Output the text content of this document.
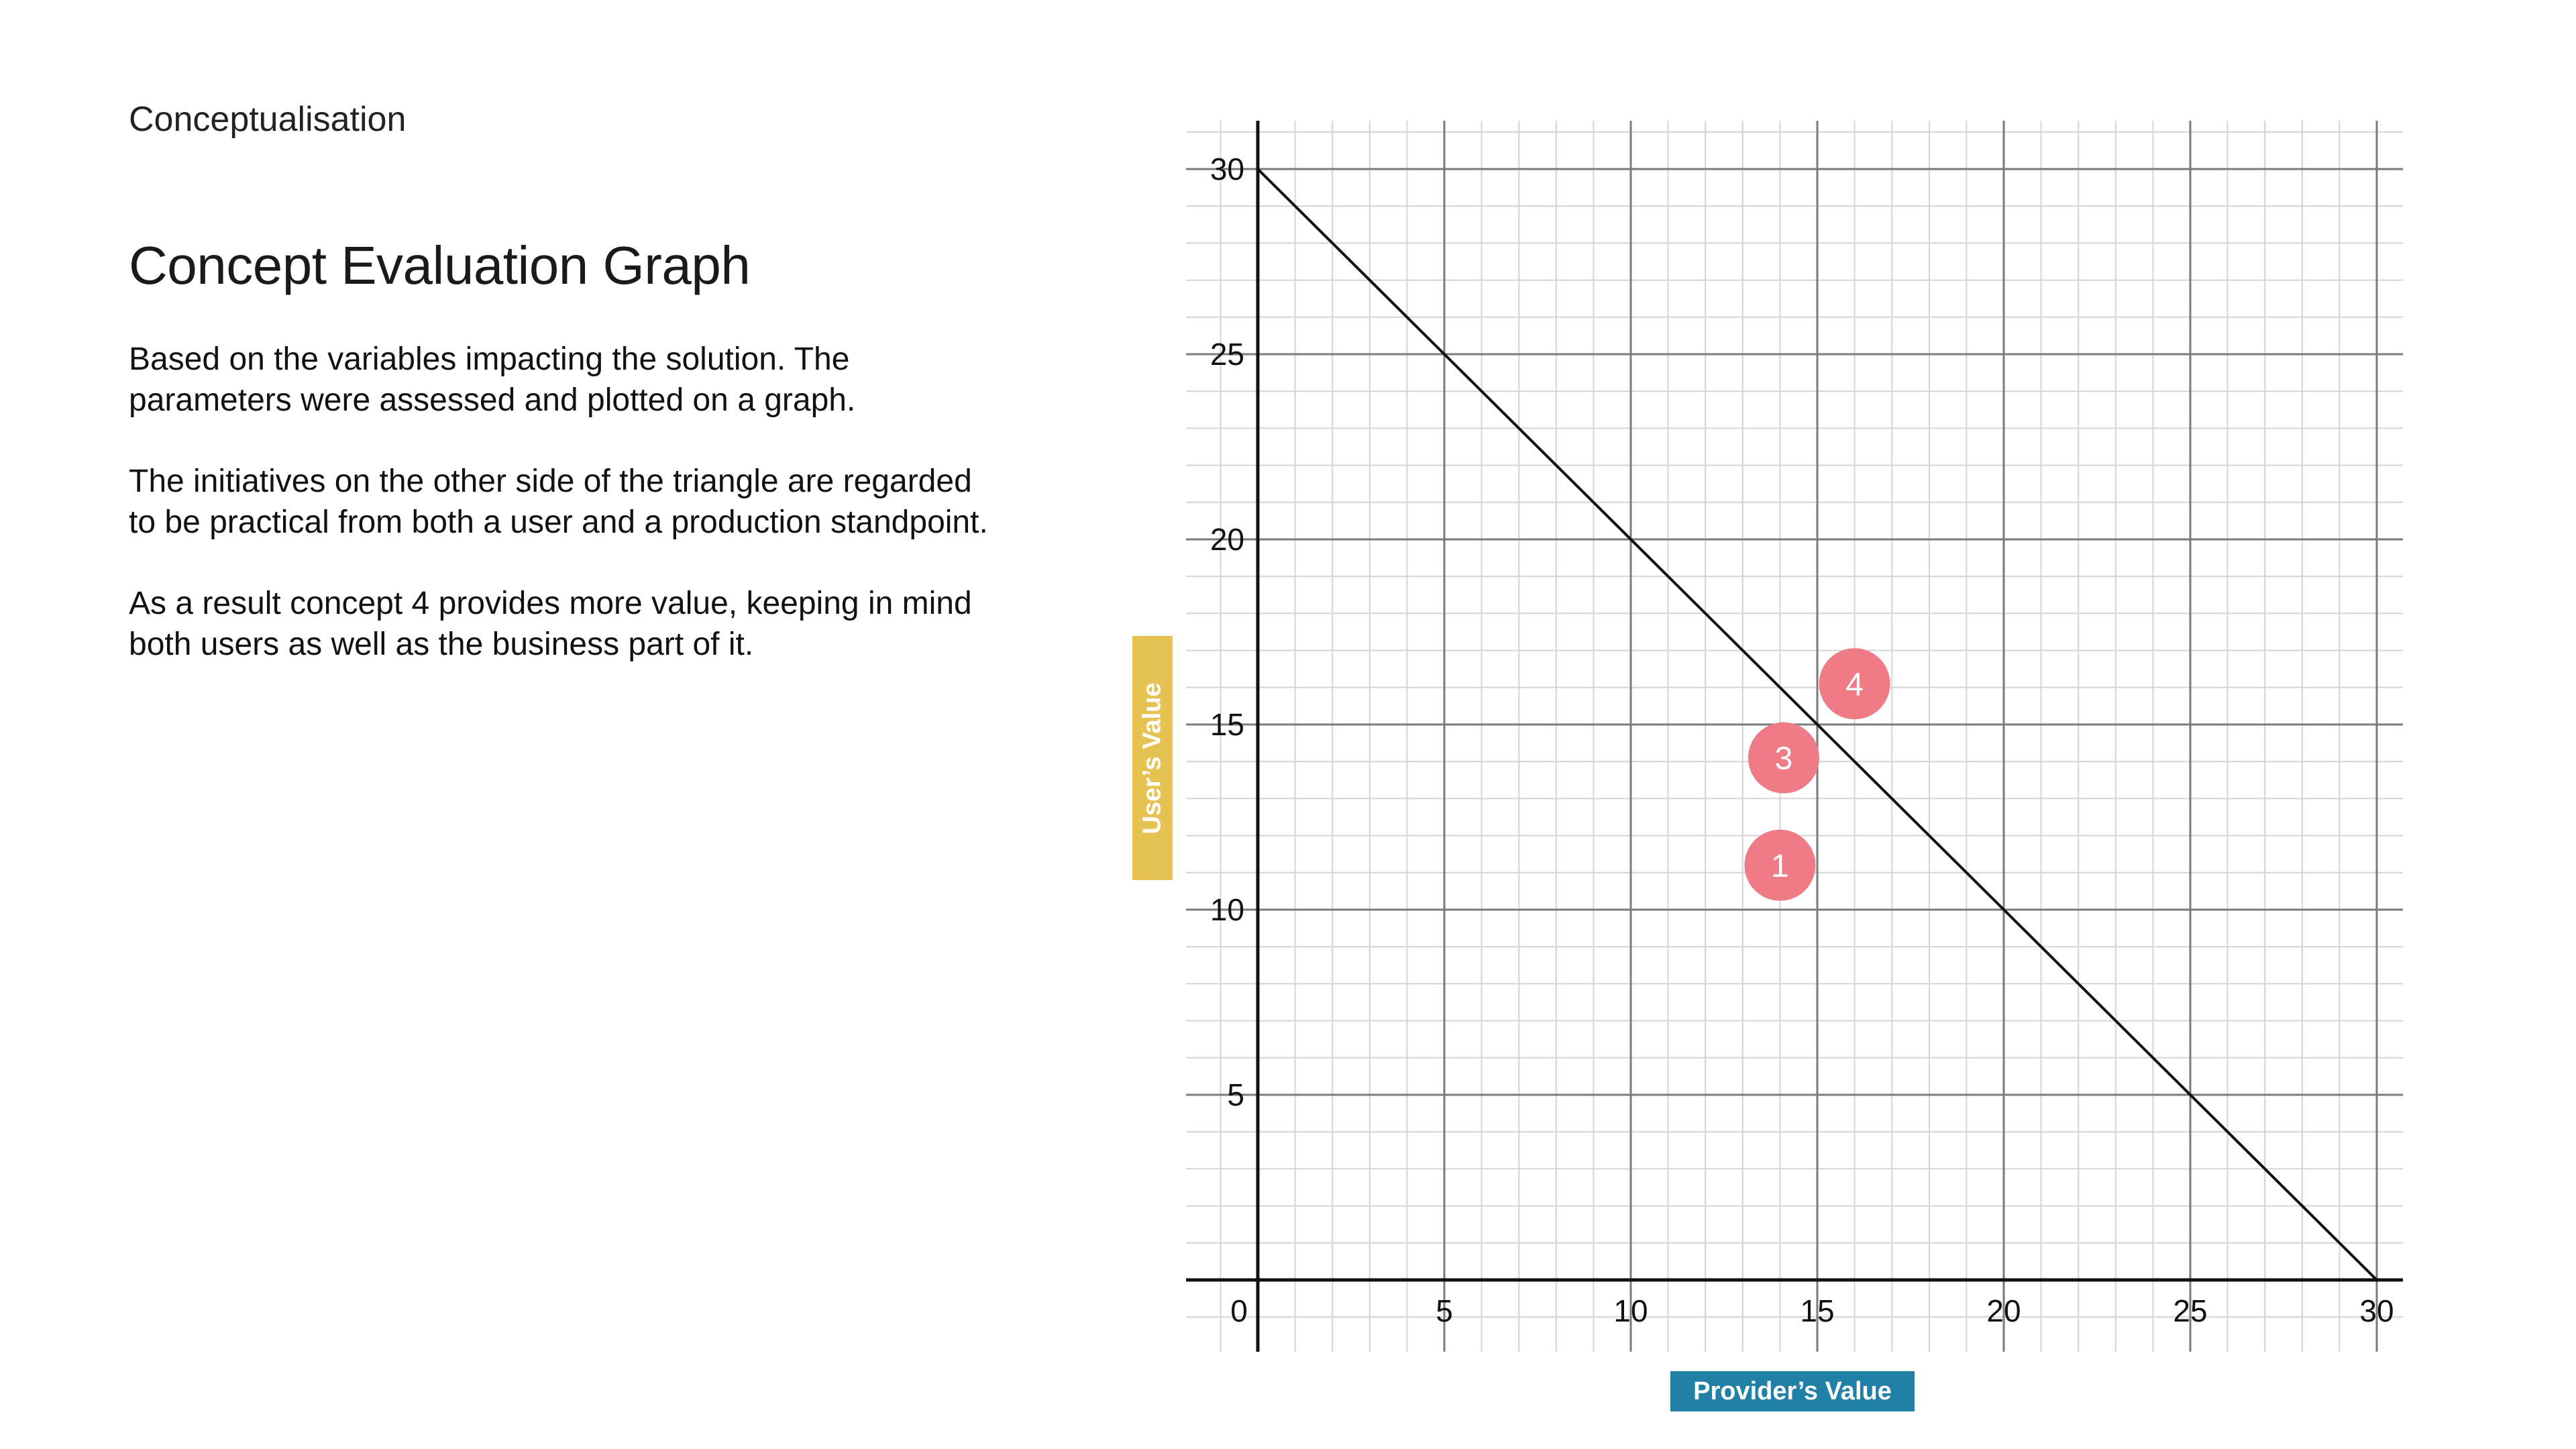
Conceptualisation
Concept Evaluation Graph

Based on the variables impacting the solution. The parameters were assessed and plotted on a graph.

The initiatives on the other side of the triangle are regarded to be practical from both a user and a production standpoint.

As a result concept 4 provides more value, keeping in mind both users as well as the business part of it.

0	5	10	15	20	25	30
5
10
15
20
25
30
1
3
4
User’s Value
Provider’s Value
